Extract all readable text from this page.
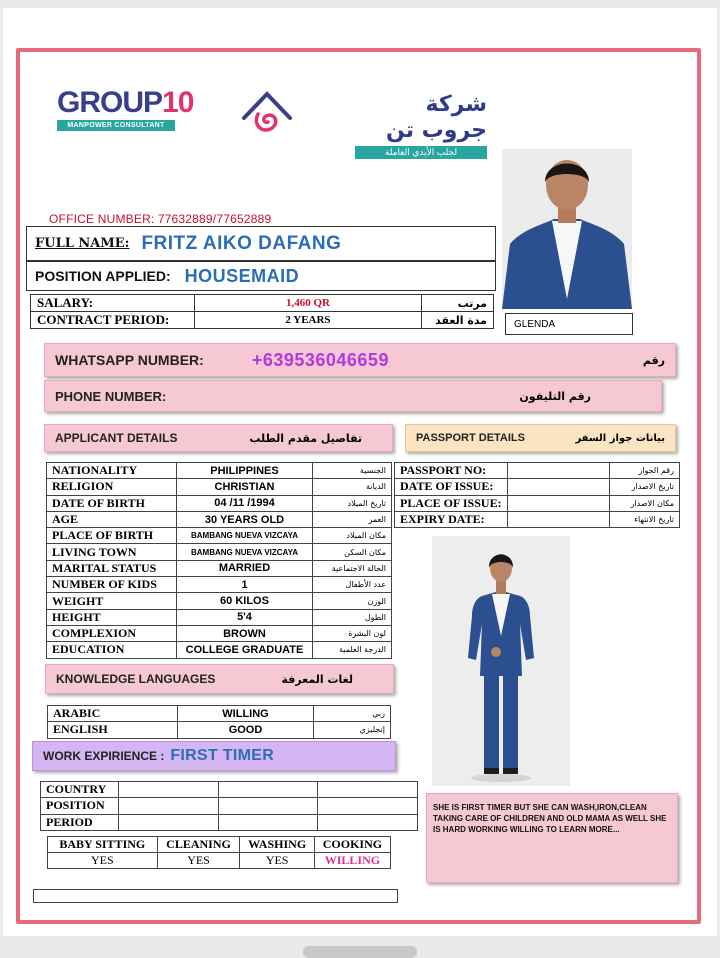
GROUP10
MANPOWER CONSULTANT
شركة جروب تن
لجلب الأيدي العاملة
OFFICE NUMBER: 77632889/77652889
FULL NAME: FRITZ AIKO DAFANG
POSITION APPLIED: HOUSEMAID
SALARY:	1,460 QR	مرتب
CONTRACT PERIOD:	2 YEARS	مدة العقد	GLENDA
WHATSAPP NUMBER:	+639536046659	رقم
PHONE NUMBER:	رقم التليفون
APPLICANT DETAILS	تفاصيل مقدم الطلب	PASSPORT DETAILS	بيانات جواز السفر
NATIONALITY	PHILIPPINES	الجنسية
RELIGION	CHRISTIAN	الديانة
DATE OF BIRTH	04 /11 /1994	تاريخ الميلاد
AGE	30 YEARS OLD	العمر
PLACE OF BIRTH	BAMBANG NUEVA VIZCAYA	مكان الميلاد
LIVING TOWN	BAMBANG NUEVA VIZCAYA	مكان السكن
MARITAL STATUS	MARRIED	الحالة الاجتماعية
NUMBER OF KIDS	1	عدد الأطفال
WEIGHT	60 KILOS	الوزن
HEIGHT	5'4	الطول
COMPLEXION	BROWN	لون البشرة
EDUCATION	COLLEGE GRADUATE	الدرجة العلمية
PASSPORT NO:		رقم الجواز
DATE OF ISSUE:		تاريخ الاصدار
PLACE OF ISSUE:		مكان الاصدار
EXPIRY DATE:		تاريخ الانتهاء
KNOWLEDGE LANGUAGES	لغات المعرفة
ARABIC	WILLING	ربي
ENGLISH	GOOD	إنجليزي
WORK EXPIRIENCE : FIRST TIMER
COUNTRY			
POSITION			
PERIOD			
BABY SITTING	CLEANING	WASHING	COOKING
YES	YES	YES	WILLING
SHE IS FIRST TIMER BUT SHE CAN WASH,IRON,CLEAN TAKING CARE OF CHILDREN AND OLD MAMA AS WELL SHE IS HARD WORKING WILLING TO LEARN MORE...
